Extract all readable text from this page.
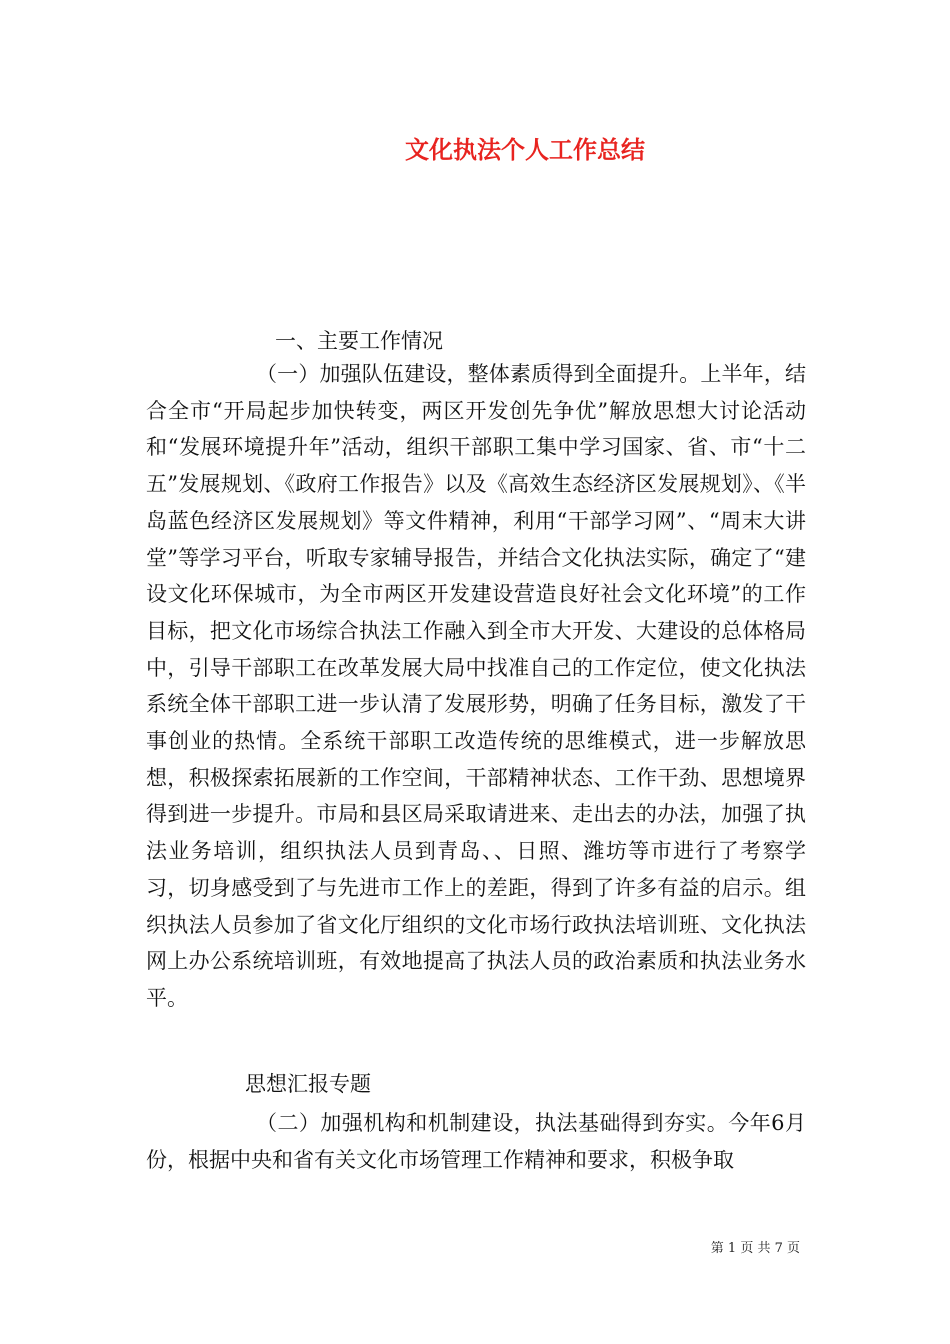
文化执法个人工作总结
一、主要工作情况

（一）加强队伍建设，整体素质得到全面提升。上半年，结合全市“开局起步加快转变，两区开发创先争优”解放思想大讨论活动和“发展环境提升年”活动，组织干部职工集中学习国家、省、市“十二五”发展规划、《政府工作报告》以及《高效生态经济区发展规划》、《半岛蓝色经济区发展规划》等文件精神，利用“干部学习网”、“周末大讲堂”等学习平台，听取专家辅导报告，并结合文化执法实际，确定了“建设文化环保城市，为全市两区开发建设营造良好社会文化环境”的工作目标，把文化市场综合执法工作融入到全市大开发、大建设的总体格局中，引导干部职工在改革发展大局中找准自己的工作定位，使文化执法系统全体干部职工进一步认清了发展形势，明确了任务目标，激发了干事创业的热情。全系统干部职工改造传统的思维模式，进一步解放思想，积极探索拓展新的工作空间，干部精神状态、工作干劲、思想境界得到进一步提升。市局和县区局采取请进来、走出去的办法，加强了执法业务培训，组织执法人员到青岛、、日照、潍坊等市进行了考察学习，切身感受到了与先进市工作上的差距，得到了许多有益的启示。组织执法人员参加了省文化厅组织的文化市场行政执法培训班、文化执法网上办公系统培训班，有效地提高了执法人员的政治素质和执法业务水平。

思想汇报专题

（二）加强机构和机制建设，执法基础得到夯实。今年6月份，根据中央和省有关文化市场管理工作精神和要求，积极争取

第 1 页 共 7 页
